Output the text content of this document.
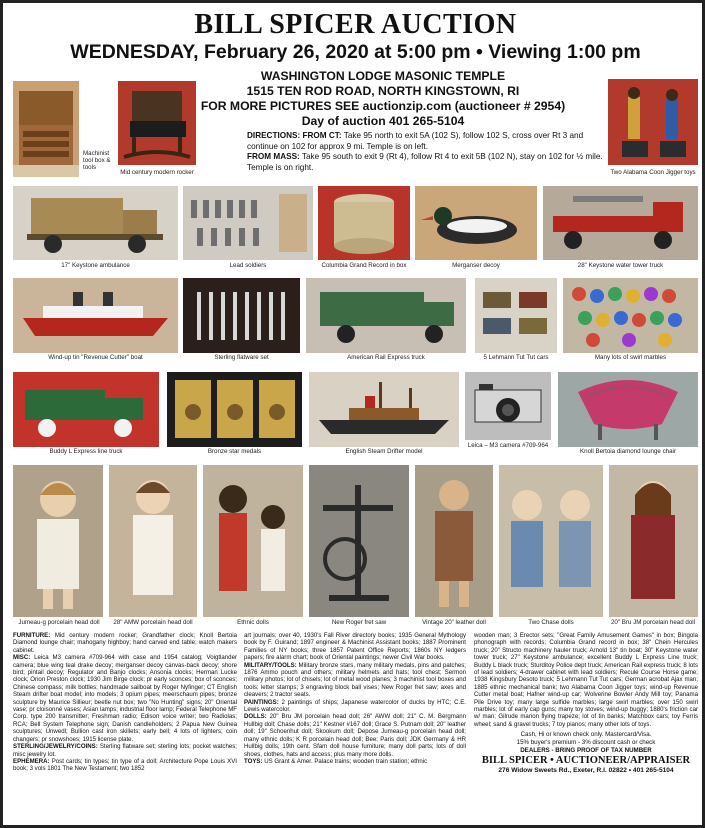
BILL SPICER AUCTION
WEDNESDAY, February 26, 2020 at 5:00 pm • Viewing 1:00 pm
WASHINGTON LODGE MASONIC TEMPLE
1515 TEN ROD ROAD, NORTH KINGSTOWN, RI
FOR MORE PICTURES SEE auctionzip.com (auctioneer # 2954)
Day of auction 401 265-5104
DIRECTIONS: FROM CT: Take 95 north to exit 5A (102 S), follow 102 S, cross over Rt 3 and continue on 102 for approx 9 mi. Temple is on left.
FROM MASS: Take 95 south to exit 9 (Rt 4), follow Rt 4 to exit 5B (102 N), stay on 102 for ½ mile. Temple is on right.
Machinist tool box & tools
Mid century modern rocker	Two Alabama Coon Jigger toys
17" Keystone ambulance	Lead soldiers	Columbia Grand Record in box	Merganser decoy	28" Keystone water tower truck
Wind-up tin "Revenue Cutter" boat	Sterling flatware set	American Rail Express truck	5 Lehmann Tut Tut cars	Many lots of swirl marbles
Buddy L Express line truck	Bronze star medals	English Steam Drifter model
Leica – M3 camera #709-964
Knoll Bertoia diamond lounge chair
Jumeau-g porcelain head doll	28" AMW porcelain head doll	Ethnic dolls	New Roger fret saw	Vintage 20" leather doll	Two Chase dolls	20" Bru JM porcelain head doll
FURNITURE: Mid century modern rocker; Grandfather clock; Knoll Bertoia Diamond lounge chair; mahogany highboy; hand carved end table; watch makers cabinet.
MISC: Leica M3 camera #709-964 with case and 1954 catalog; Voigtlander camera; blue wing teal drake decoy; merganser decoy canvas-back decoy; shore bird; pintail decoy; Regulator and Banjo clocks; Ansonia clocks; Herman Lucke clock; Orion Preston clock; 1930 Jim Birge clock; pr early sconces; box of sconces; Chinese compass; milk bottles; handmade sailboat by Roger Nyfinger; CT English Steam drifter boat model; into models; 3 opium pipes; meerschaum pipes; bronze sculpture by Maurice Sillieur; beetle nut box; two "No Hunting" signs; 20" Oriental vase; pr cloisonné vases; Asian lamps; industrial floor lamp; Federal Telephone MF Corp. type 200 transmitter; Freshman radio; Edison voice writer; two Radiolas; RCA; Bell System Telephone sign; Danish candleholders; 2 Papua New Guinea sculptures; Unwedl; Bullion cast iron skillets; early bell; 4 lots of lighters; coin changers; pr snowshoes; 1915 license plate.
STERLING/JEWELRY/COINS: Sterling flatware set; sterling lots; pocket watches; misc jewelry lot.
EPHEMERA: Post cards; tin types; tin type of a doll; Architecture Pope Louis XVI book; 3 vols 1801 The New Testament; two 1852
art journals; over 40, 1930's Fall River directory books; 1935 General Mythology book by F. Guirand; 1897 engineer & Machinist Assistant books; 1887 Prominent Families of NY books; three 1857 Patent Office Reports; 1860s NY ledgers papers; fire alarm chart; book of Oriental paintings; newer Civil War books.
MILITARY/TOOLS: Military bronze stars, many military medals, pins and patches; 1876 Ammo pouch and others; military helmets and hats; tool chest; Sermon military photos; lot of chisels; lot of metal wood planes; 3 machinist tool boxes and tools; letter stamps; 3 engraving block ball vises; New Roger fret saw; axes and cleavers; 2 tractor seats.
PAINTINGS: 2 paintings of ships; Japanese watercolor of ducks by HTC; C.E. Lewis watercolor.
DOLLS: 20" Bru JM porcelain head doll; 26" AWW doll; 21" C. M. Bergmann Hullbig doll; Chase dolls; 21" Kestner #167 doll; Grace S. Putnam doll; 20" leather doll; 19" Schoenhut doll; Skookum doll; Depose Jumeau-g porcelain head doll; many ethnic dolls; K R porcelain head doll; Bee; Paris doll; JDK Germany & HR Hullbig dolls; 19th cent. Sfam doll house furniture; many doll parts; lots of doll shoes, clothes, hats and access; plus many more dolls.
TOYS: US Grant & Amer. Palace trains; wooden train station; ethnic
wooden man; 3 Erector sets; "Great Family Amusement Games" in box; Bingola phonograph with records; Columbia Grand record in box; 38" Chein Hercules truck; 20" Structo machinery hauler truck; Arnold 13" tin boat; 30" Keystone water tower truck; 27" Keystone ambulance; excellent Buddy L Express Line truck; Buddy L black truck; Sturditoy Police dept truck; American Rail express truck; 8 lots of lead soldiers; 4-drawer cabinet with lead soldiers; Recule Course Horse game; 1938 Kingsbury Desoto truck; 5 Lehmann Tut Tut cars; German acrobat Ajax man; 1885 ethnic mechanical bank; two Alabama Coon Jigger toys; wind-up Revenue Cutter metal boat; Hafner wind-up car; Wolverine Bowler Andy Mill toy; Panama Pile Drive toy; many large sulfide marbles; large swirl marbles; over 150 swirl marbles; lot of early cap guns; many toy stoves; wind-up buggy; 1880's friction car w/ man; Gilrude marion flying trapeze; lot of tin banks; Matchbox cars; toy Ferris wheel; sand & gravel trucks; 7 toy pianos; many other lots of toys.
Cash, Hi or known check only. Mastercard/Visa.
15% buyer's premium - 3% discount cash or check
DEALERS - BRING PROOF OF TAX NUMBER
BILL SPICER • AUCTIONEER/APPRAISER
276 Widow Sweets Rd., Exeter, R.I. 02822 • 401 265-5104
